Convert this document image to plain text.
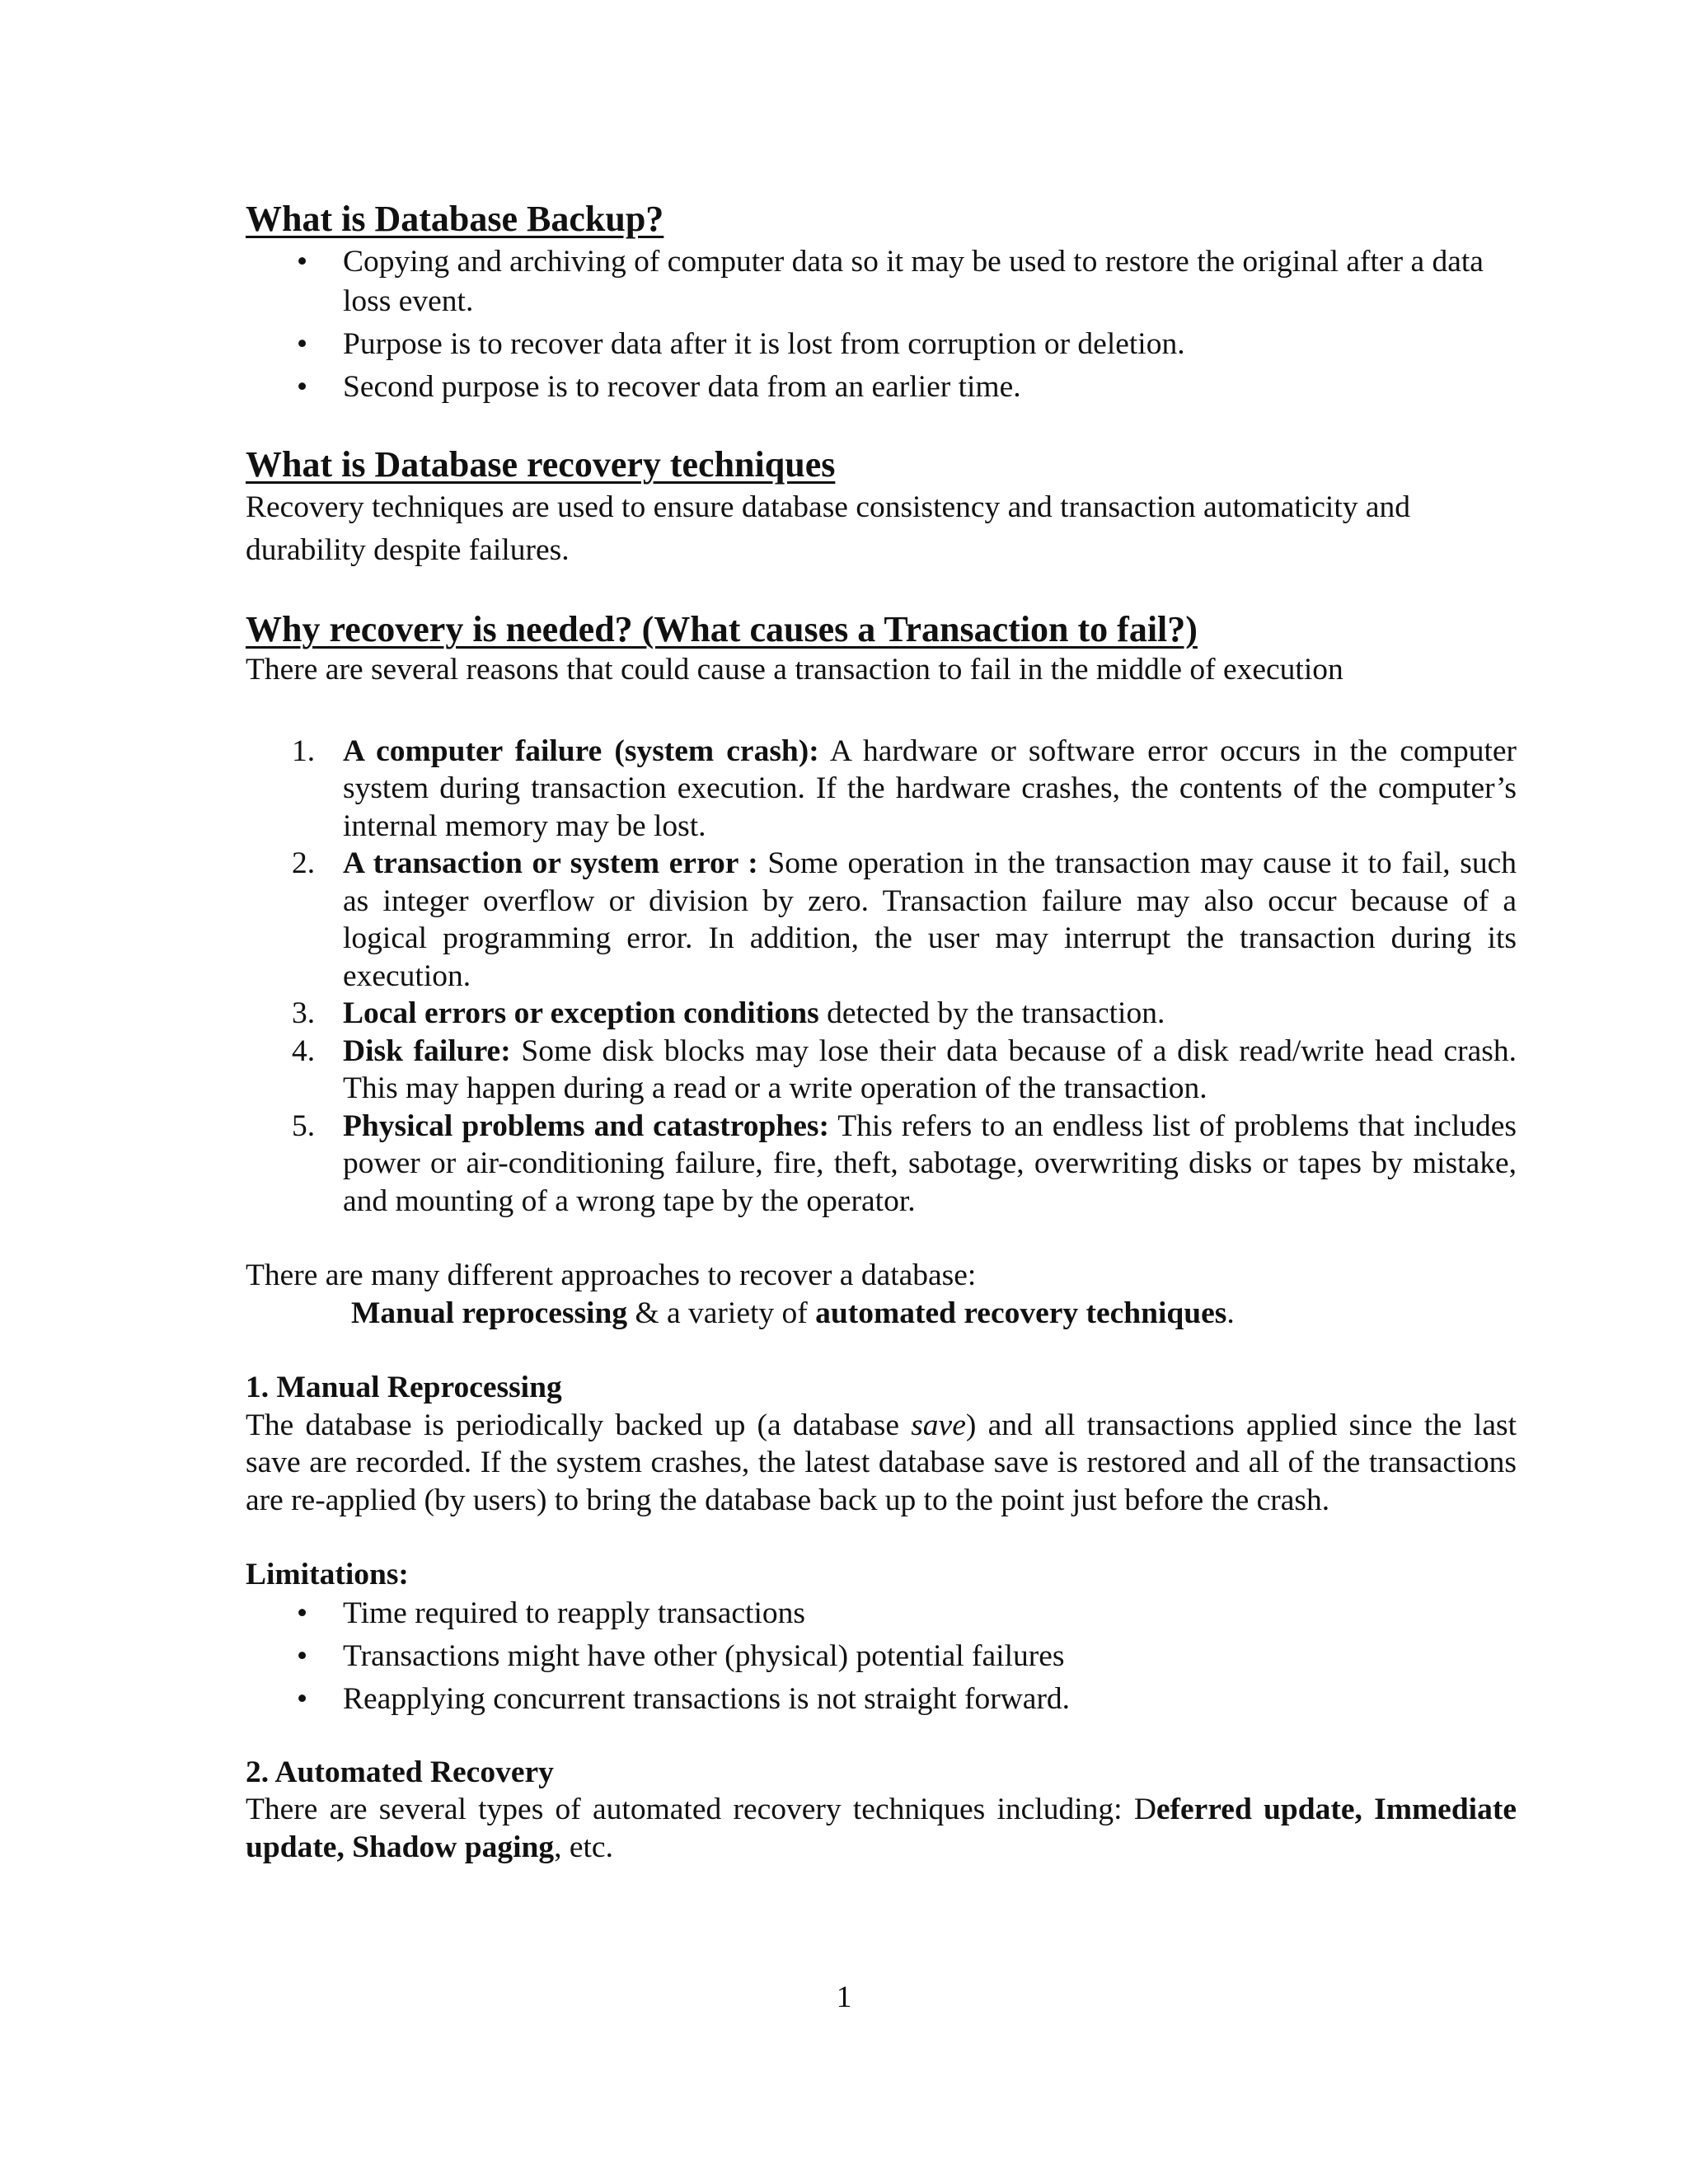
What is Database Backup?
• Copying and archiving of computer data so it may be used to restore the original after a data loss event.
• Purpose is to recover data after it is lost from corruption or deletion.
• Second purpose is to recover data from an earlier time.
What is Database recovery techniques

Recovery techniques are used to ensure database consistency and transaction automaticity and durability despite failures.

Why recovery is needed? (What causes a Transaction to fail?)

There are several reasons that could cause a transaction to fail in the middle of execution

1. A computer failure (system crash): A hardware or software error occurs in the computer system during transaction execution. If the hardware crashes, the contents of the computer’s internal memory may be lost.
2. A transaction or system error : Some operation in the transaction may cause it to fail, such as integer overflow or division by zero. Transaction failure may also occur because of a logical programming error. In addition, the user may interrupt the transaction during its execution.
3. Local errors or exception conditions detected by the transaction.
4. Disk failure: Some disk blocks may lose their data because of a disk read/write head crash. This may happen during a read or a write operation of the transaction.
5. Physical problems and catastrophes: This refers to an endless list of problems that includes power or air-conditioning failure, fire, theft, sabotage, overwriting disks or tapes by mistake, and mounting of a wrong tape by the operator.

There are many different approaches to recover a database:

Manual reprocessing & a variety of automated recovery techniques.

1. Manual Reprocessing

The database is periodically backed up (a database save) and all transactions applied since the last save are recorded. If the system crashes, the latest database save is restored and all of the transactions are re-applied (by users) to bring the database back up to the point just before the crash.

Limitations:
• Time required to reapply transactions
• Transactions might have other (physical) potential failures
• Reapplying concurrent transactions is not straight forward.
2. Automated Recovery

There are several types of automated recovery techniques including: Deferred update, Immediate update, Shadow paging, etc.

1
